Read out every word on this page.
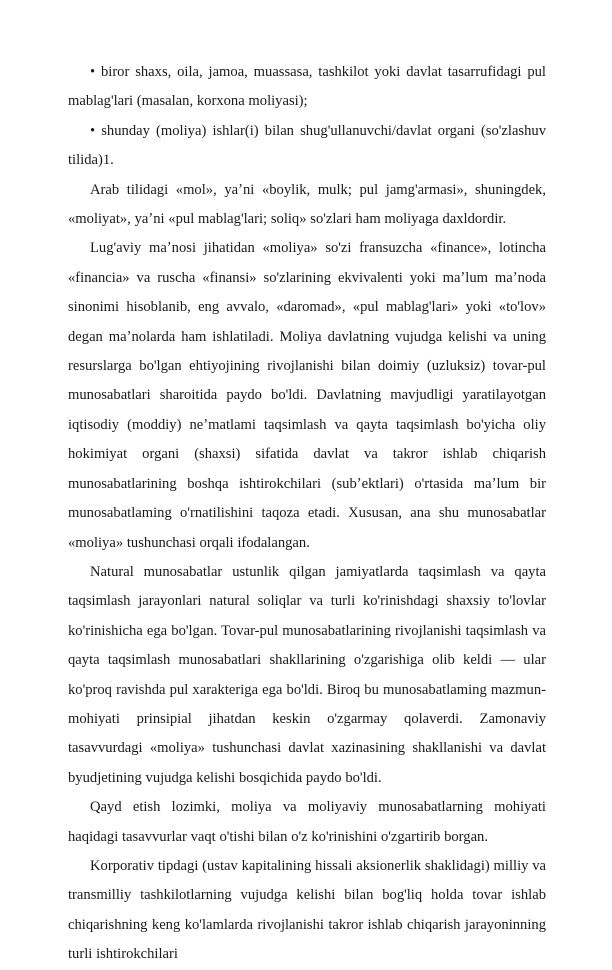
• biror shaxs, oila, jamoa, muassasa, tashkilot yoki davlat tasarrufidagi pul mablag'lari (masalan, korxona moliyasi);

• shunday (moliya) ishlar(i) bilan shug'ullanuvchi/davlat organi (so'zlashuv tilida)1.

Arab tilidagi «mol», yaʼni «boylik, mulk; pul jamg'armasi», shuningdek, «moliyat», yaʼni «pul mablag'lari; soliq» so'zlari ham moliyaga daxldordir.

Lug'aviy maʼnosi jihatidan «moliya» so'zi fransuzcha «finance», lotincha «financia» va ruscha «finansi» so'zlarining ekvivalenti yoki maʼlum maʼnoda sinonimi hisoblanib, eng avvalo, «daromad», «pul mablag'lari» yoki «to'lov» degan maʼnolarda ham ishlatiladi. Moliya davlatning vujudga kelishi va uning resurslarga bo'lgan ehtiyojining rivojlanishi bilan doimiy (uzluksiz) tovar-pul munosabatlari sharoitida paydo bo'ldi. Davlatning mavjudligi yaratilayotgan iqtisodiy (moddiy) neʼmatlami taqsimlash va qayta taqsimlash bo'yicha oliy hokimiyat organi (shaxsi) sifatida davlat va takror ishlab chiqarish munosabatlarining boshqa ishtirokchilari (subʼektlari) o'rtasida maʼlum bir munosabatlaming o'rnatilishini taqoza etadi. Xususan, ana shu munosabatlar «moliya» tushunchasi orqali ifodalangan.

Natural munosabatlar ustunlik qilgan jamiyatlarda taqsimlash va qayta taqsimlash jarayonlari natural soliqlar va turli ko'rinishdagi shaxsiy to'lovlar ko'rinishicha ega bo'lgan. Tovar-pul munosabatlarining rivojlanishi taqsimlash va qayta taqsimlash munosabatlari shakllarining o'zgarishiga olib keldi — ular ko'proq ravishda pul xarakteriga ega bo'ldi. Biroq bu munosabatlaming mazmun-mohiyati prinsipial jihatdan keskin o'zgarmay qolaverdi. Zamonaviy tasavvurdagi «moliya» tushunchasi davlat xazinasining shakllanishi va davlat byudjetining vujudga kelishi bosqichida paydo bo'ldi.

Qayd etish lozimki, moliya va moliyaviy munosabatlarning mohiyati haqidagi tasavvurlar vaqt o'tishi bilan o'z ko'rinishini o'zgartirib borgan.

Korporativ tipdagi (ustav kapitalining hissali aksionerlik shaklidagi) milliy va transmilliy tashkilotlarning vujudga kelishi bilan bog'liq holda tovar ishlab chiqarishning keng ko'lamlarda rivojlanishi takror ishlab chiqarish jarayoninning turli ishtirokchilari
